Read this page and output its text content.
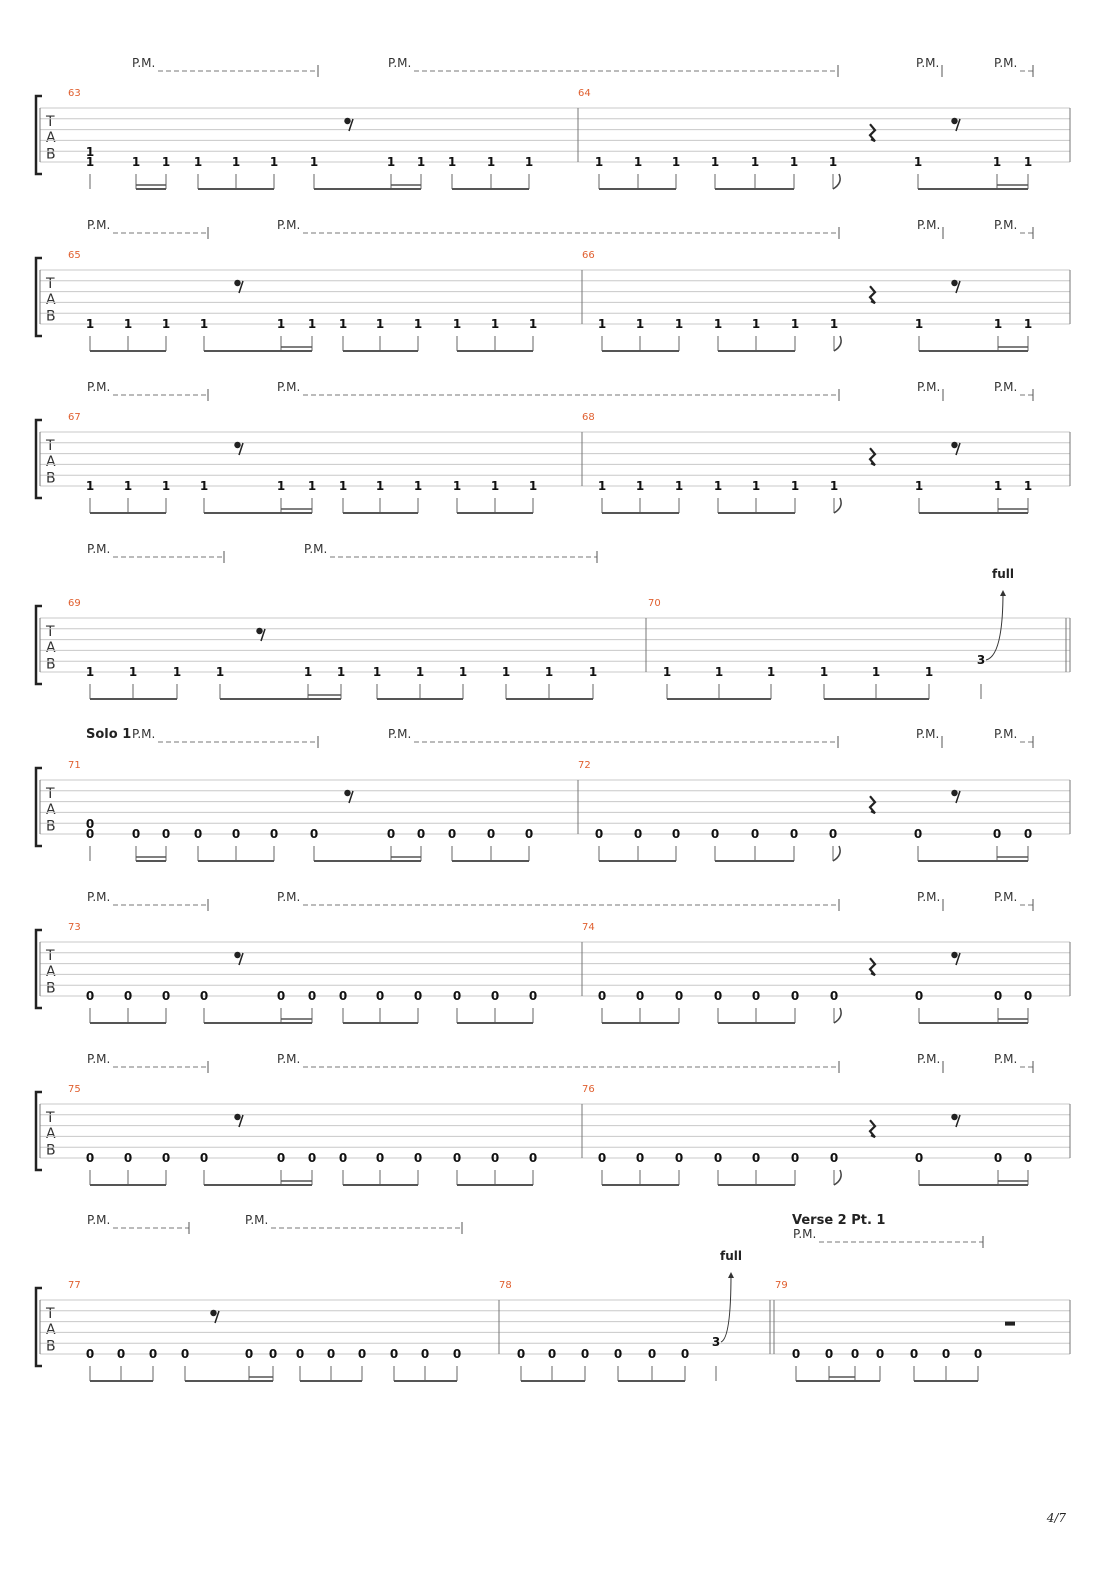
T
A
B
63	64
P.M.	P.M.	P.M.	P.M.
1	1 1 1 1 1	1	1 1 1	1 1	1	1 1	1	1	1	1	1	1 1
1
T
A
B
65	66
P.M.	P.M.	P.M.	P.M.
1 1 1 1	1 1 1 1 1	1 1 1	1 1	1	1 1	1	1	1	1 1
T
A
B
67	68
P.M.	P.M.	P.M.	P.M.
1 1 1 1	1 1 1 1 1	1 1 1	1 1	1	1 1	1	1	1	1 1
T
A
B
69	70
P.M.	P.M.
1	1	1	1	1 1 1	1	1	1	1	1	1	1	1	1	1	1
3
full
T
A
B
71	72
P.M.	P.M.	P.M.	P.M.
Solo 1
0	0 0 0 0 0	0	0 0 0	0 0	0	0 0	0	0	0	0	0	0 0
0
T
A
B
73	74
P.M.	P.M.	P.M.	P.M.
0 0 0 0	0 0 0 0 0	0 0 0	0 0	0	0 0	0	0	0	0 0
T
A
B
75	76
P.M.	P.M.	P.M.	P.M.
0 0 0 0	0 0 0 0 0	0 0 0	0 0	0	0 0	0	0	0	0 0
T
A
B
77	78	79
P.M.	P.M.
P.M.
Verse 2 Pt. 1
0 0 0 0	0 0 0 0 0 0 0 0	0 0 0 0 0 0	0 0 0 0 0 0 0
3
full
4/7
